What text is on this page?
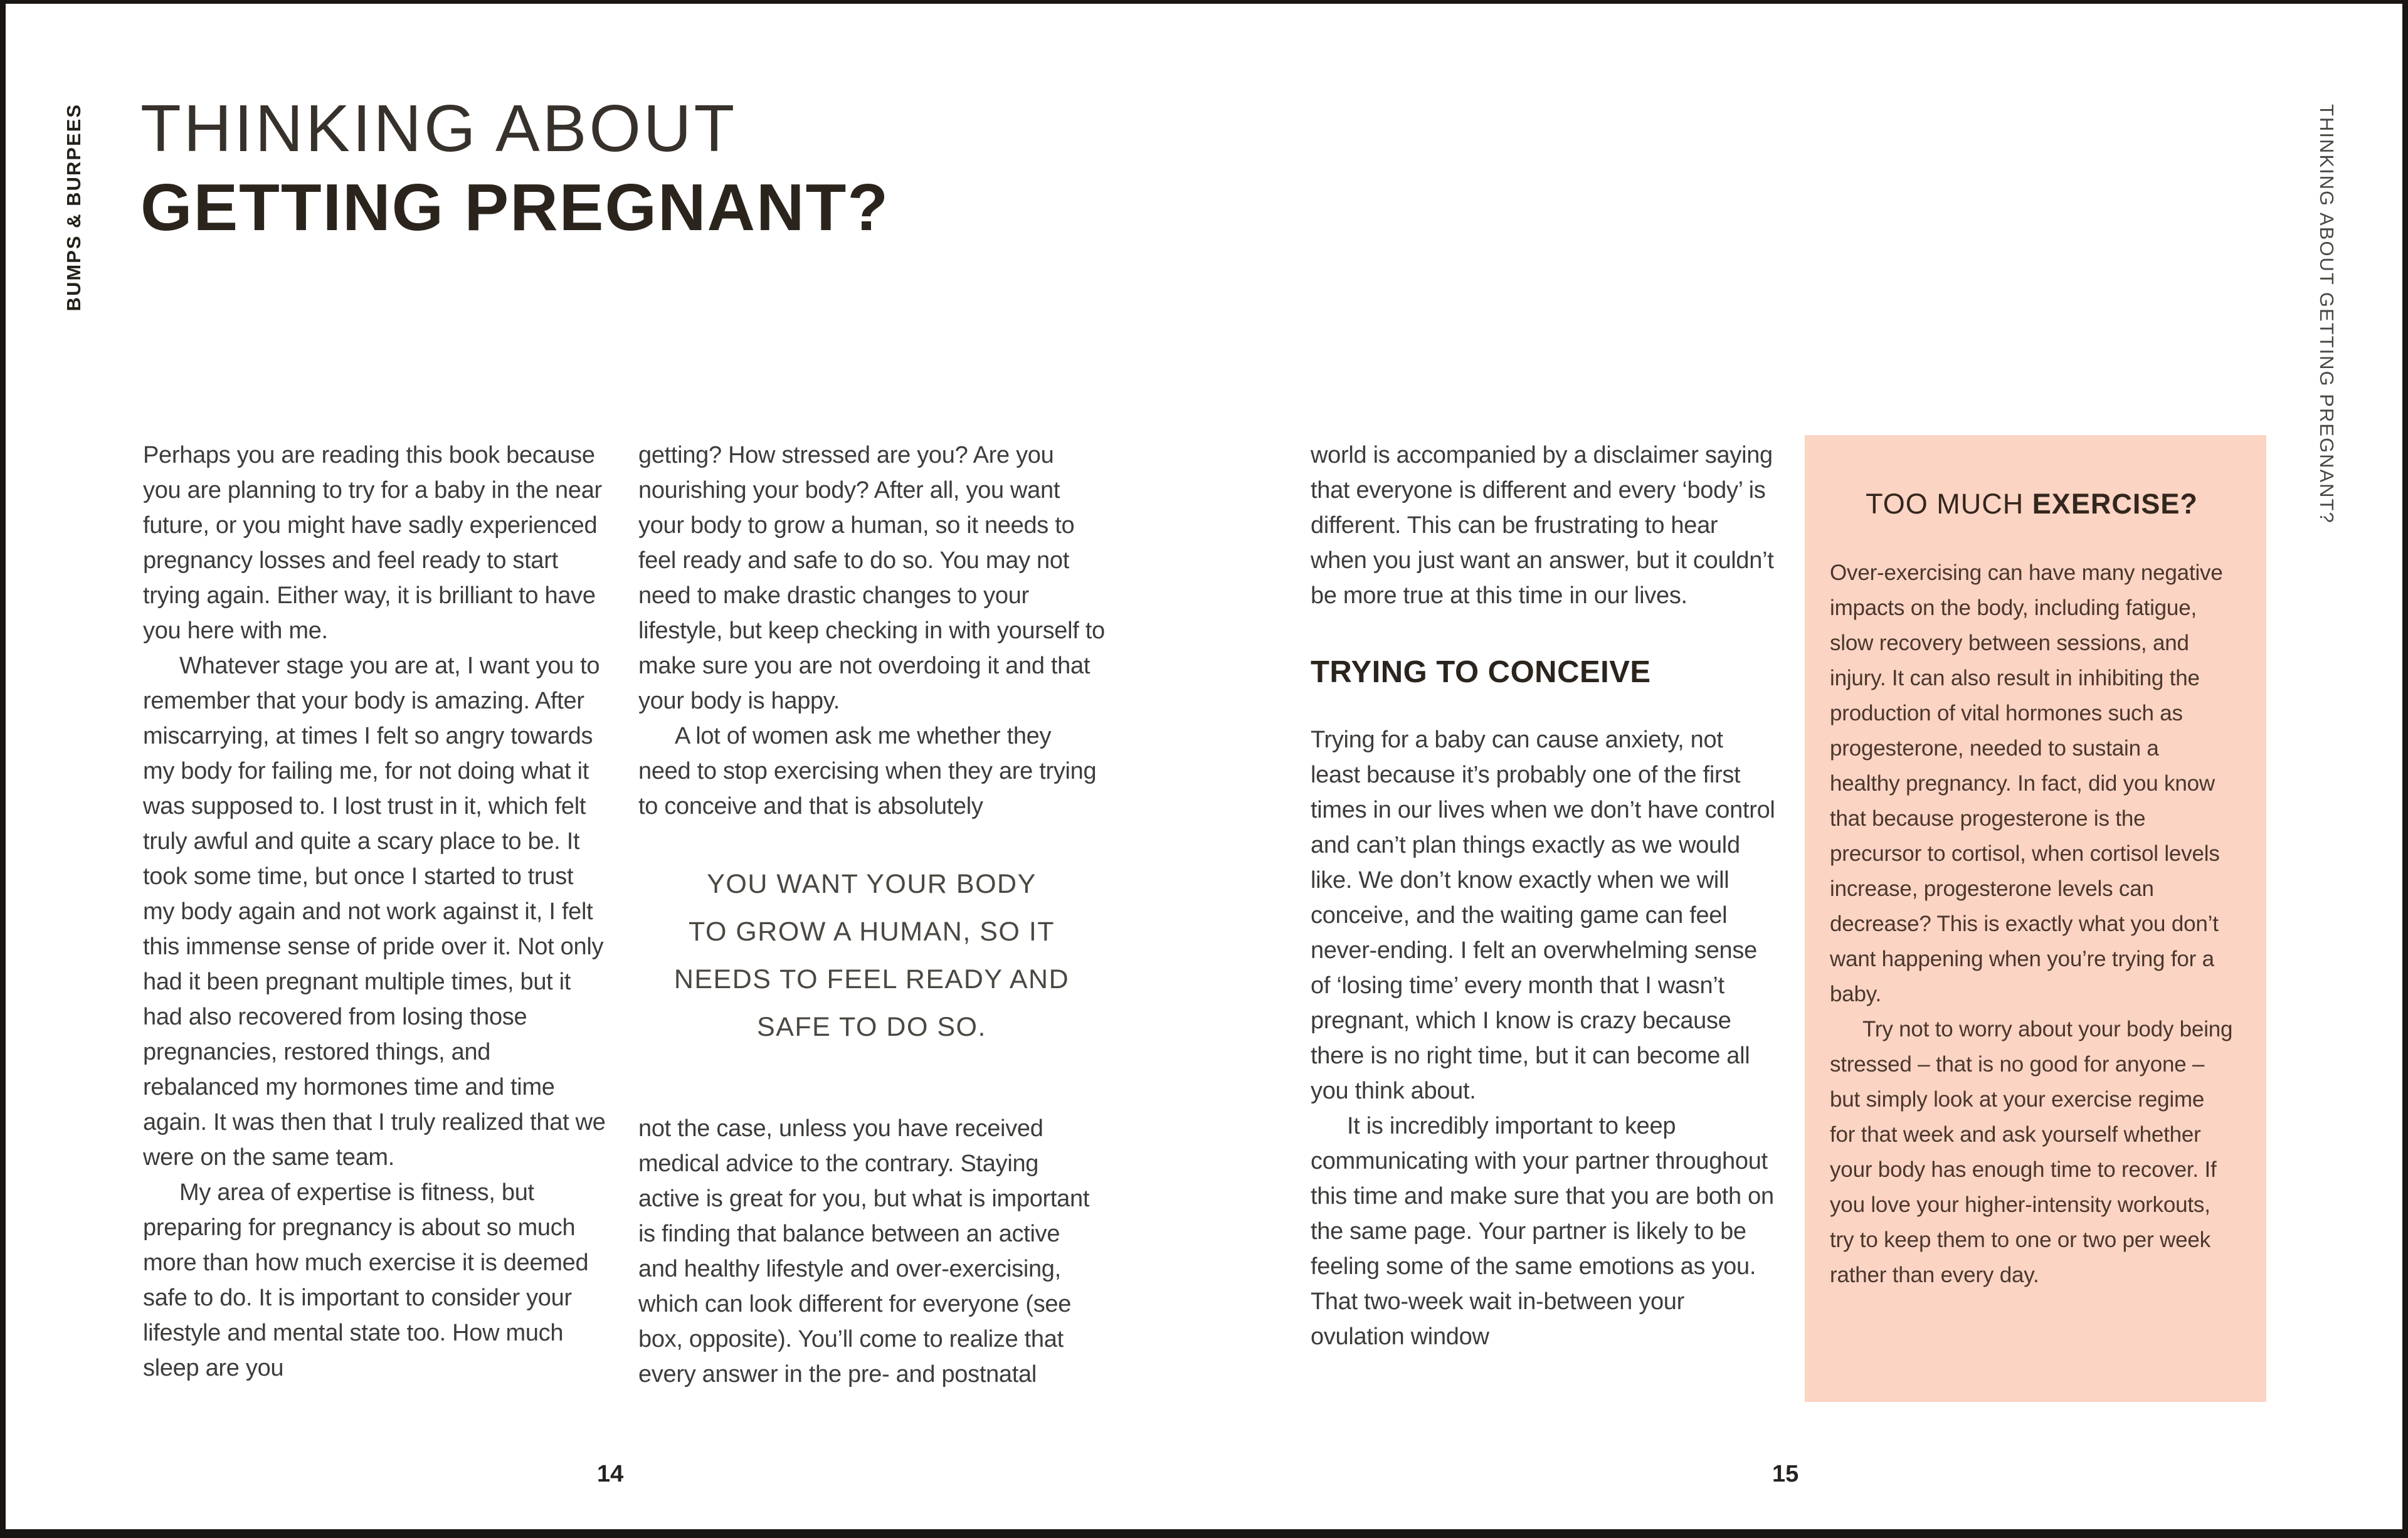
BUMPS & BURPEES	THINKING ABOUT GETTING PREGNANT?
THINKING ABOUT
GETTING PREGNANT?

Perhaps you are reading this book because you are planning to try for a baby in the near future, or you might have sadly experienced pregnancy losses and feel ready to start trying again. Either way, it is brilliant to have you here with me.

Whatever stage you are at, I want you to remember that your body is amazing. After miscarrying, at times I felt so angry towards my body for failing me, for not doing what it was supposed to. I lost trust in it, which felt truly awful and quite a scary place to be. It took some time, but once I started to trust my body again and not work against it, I felt this immense sense of pride over it. Not only had it been pregnant multiple times, but it had also recovered from losing those pregnancies, restored things, and rebalanced my hormones time and time again. It was then that I truly realized that we were on the same team.

My area of expertise is fitness, but preparing for pregnancy is about so much more than how much exercise it is deemed safe to do. It is important to consider your lifestyle and mental state too. How much sleep are you

getting? How stressed are you? Are you nourishing your body? After all, you want your body to grow a human, so it needs to feel ready and safe to do so. You may not need to make drastic changes to your lifestyle, but keep checking in with yourself to make sure you are not overdoing it and that your body is happy.

A lot of women ask me whether they need to stop exercising when they are trying to conceive and that is absolutely

YOU WANT YOUR BODY
TO GROW A HUMAN, SO IT
NEEDS TO FEEL READY AND
SAFE TO DO SO.

not the case, unless you have received medical advice to the contrary. Staying active is great for you, but what is important is finding that balance between an active and healthy lifestyle and over-exercising, which can look different for everyone (see box, opposite). You’ll come to realize that every answer in the pre- and postnatal

world is accompanied by a disclaimer saying that everyone is different and every ‘body’ is different. This can be frustrating to hear when you just want an answer, but it couldn’t be more true at this time in our lives.

TRYING TO CONCEIVE

Trying for a baby can cause anxiety, not least because it’s probably one of the first times in our lives when we don’t have control and can’t plan things exactly as we would like. We don’t know exactly when we will conceive, and the waiting game can feel never-ending. I felt an overwhelming sense of ‘losing time’ every month that I wasn’t pregnant, which I know is crazy because there is no right time, but it can become all you think about.

It is incredibly important to keep communicating with your partner throughout this time and make sure that you are both on the same page. Your partner is likely to be feeling some of the same emotions as you. That two-week wait in-between your ovulation window

TOO MUCH EXERCISE?

Over-exercising can have many negative impacts on the body, including fatigue, slow recovery between sessions, and injury. It can also result in inhibiting the production of vital hormones such as progesterone, needed to sustain a healthy pregnancy. In fact, did you know that because progesterone is the precursor to cortisol, when cortisol levels increase, progesterone levels can decrease? This is exactly what you don’t want happening when you’re trying for a baby.

Try not to worry about your body being stressed – that is no good for anyone – but simply look at your exercise regime for that week and ask yourself whether your body has enough time to recover. If you love your higher-intensity workouts, try to keep them to one or two per week rather than every day.

14	15
